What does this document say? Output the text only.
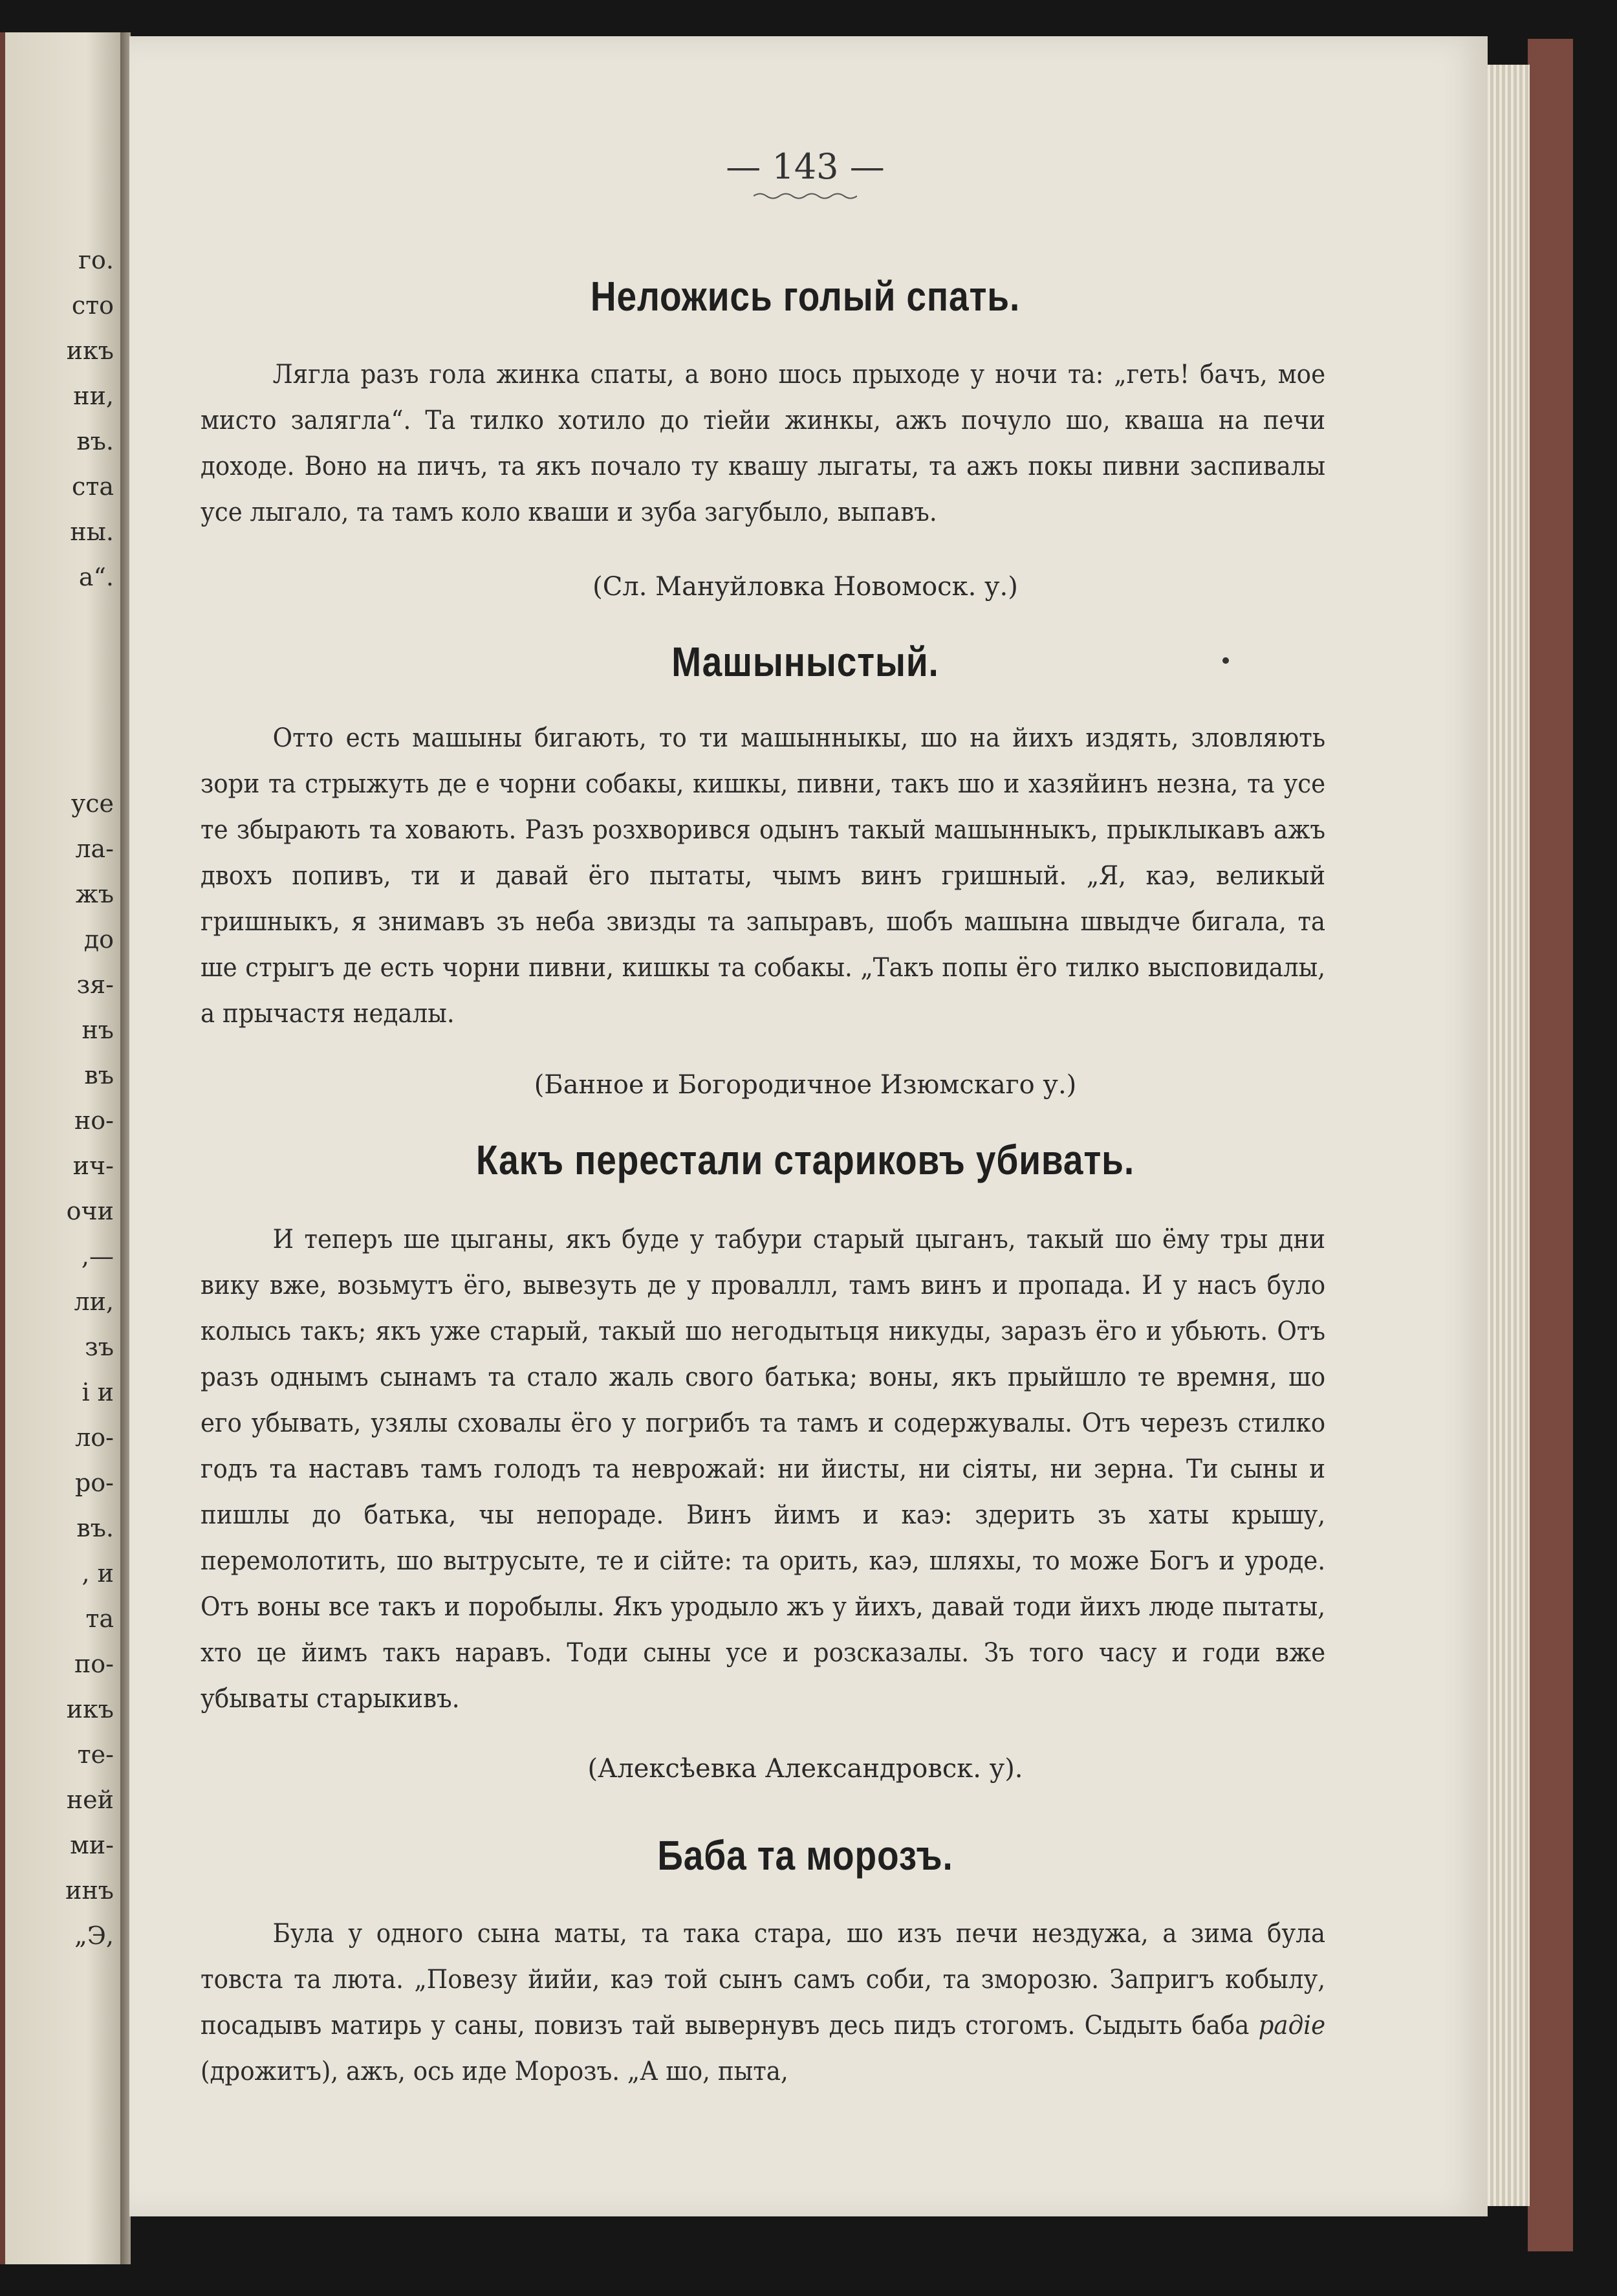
го.
сто
икъ
ни,
въ.
ста
ны.
а“.
усе
ла-
жъ
до
зя-
нъ
въ
но-
ич-
очи
,—
ли,
зъ
і и
ло-
ро-
въ.
, и
та
по-
икъ
те-
ней
ми-
инъ
„Э,
— 143 —
Неложись голый спать.
Лягла разъ гола жинка спаты, а воно шось прыходе у ночи та: „геть! бачъ, мое мисто залягла“. Та тилко хотило до тіейи жинкы, ажъ почуло шо, кваша на печи доходе. Воно на пичъ, та якъ почало ту квашу лыгаты, та ажъ покы пивни заспивалы усе лыгало, та тамъ коло кваши и зуба загубыло, выпавъ.
(Сл. Мануйловка Новомоск. у.)
Машыныстый.
Отто есть машыны бигають, то ти машынныкы, шо на йихъ издять, зловляють зори та стрыжуть де е чорни собакы, кишкы, пивни, такъ шо и хазяйинъ незна, та усе те збырають та ховають. Разъ розхворився одынъ такый машынныкъ, прыклыкавъ ажъ двохъ попивъ, ти и давай ёго пытаты, чымъ винъ гришный. „Я, каэ, великый гришныкъ, я знимавъ зъ неба звизды та запыравъ, шобъ машына швыдче бигала, та ше стрыгъ де есть чорни пивни, кишкы та собакы. „Такъ попы ёго тилко высповидалы, а прычастя недалы.
(Банное и Богородичное Изюмскаго у.)
Какъ перестали стариковъ убивать.
И теперъ ше цыганы, якъ буде у табури старый цыганъ, такый шо ёму тры дни вику вже, возьмутъ ёго, вывезуть де у проваллл, тамъ винъ и пропада. И у насъ було колысь такъ; якъ уже старый, такый шо негодытьця никуды, заразъ ёго и убьють. Отъ разъ однымъ сынамъ та стало жаль свого батька; воны, якъ прыйшло те времня, шо его убывать, узялы сховалы ёго у погрибъ та тамъ и содержувалы. Отъ черезъ стилко годъ та наставъ тамъ голодъ та неврожай: ни йисты, ни сіяты, ни зерна. Ти сыны и пишлы до батька, чы непораде. Винъ йимъ и каэ: здерить зъ хаты крышу, перемолотить, шо вытрусыте, те и сійте: та орить, каэ, шляхы, то може Богъ и уроде. Отъ воны все такъ и поробылы. Якъ уродыло жъ у йихъ, давай тоди йихъ люде пытаты, хто це йимъ такъ наравъ. Тоди сыны усе и розсказалы. Зъ того часу и годи вже убываты старыкивъ.
(Алексѣевка Александровск. у).
Баба та морозъ.
Була у одного сына маты, та така стара, шо изъ печи нездужа, а зима була товста та люта. „Повезу йийи, каэ той сынъ самъ соби, та зморозю. Запригъ кобылу, посадывъ матирь у саны, повизъ тай вывернувъ десь пидъ стогомъ. Сыдыть баба радіе (дрожитъ), ажъ, ось иде Морозъ. „А шо, пыта,
